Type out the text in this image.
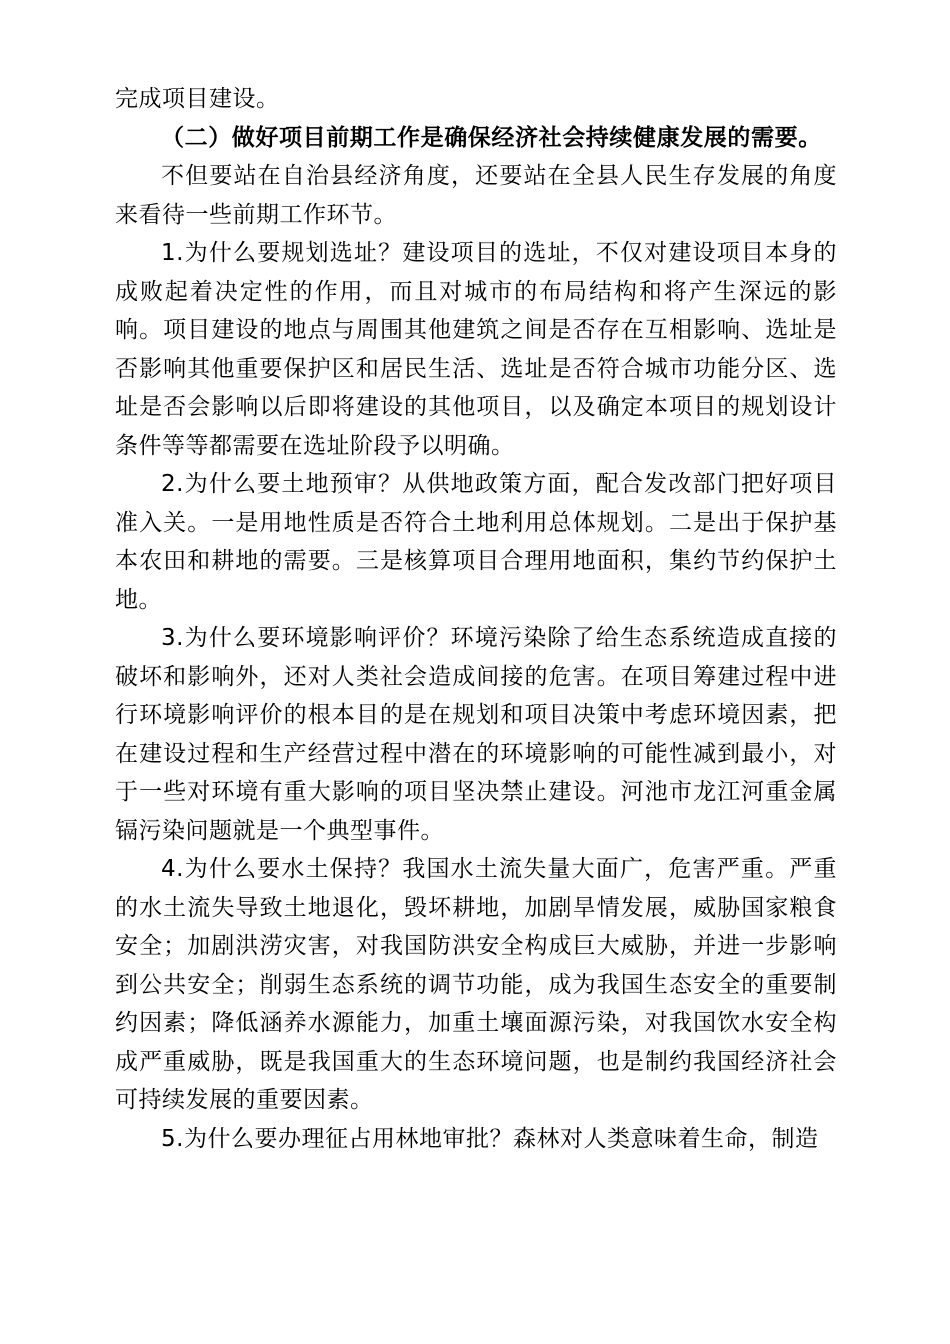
完成项目建设。

（二）做好项目前期工作是确保经济社会持续健康发展的需要。

不但要站在自治县经济角度，还要站在全县人民生存发展的角度来看待一些前期工作环节。

1.为什么要规划选址？建设项目的选址，不仅对建设项目本身的成败起着决定性的作用，而且对城市的布局结构和将产生深远的影响。项目建设的地点与周围其他建筑之间是否存在互相影响、选址是否影响其他重要保护区和居民生活、选址是否符合城市功能分区、选址是否会影响以后即将建设的其他项目，以及确定本项目的规划设计条件等等都需要在选址阶段予以明确。

2.为什么要土地预审？从供地政策方面，配合发改部门把好项目准入关。一是用地性质是否符合土地利用总体规划。二是出于保护基本农田和耕地的需要。三是核算项目合理用地面积，集约节约保护土地。

3.为什么要环境影响评价？环境污染除了给生态系统造成直接的破坏和影响外，还对人类社会造成间接的危害。在项目筹建过程中进行环境影响评价的根本目的是在规划和项目决策中考虑环境因素，把在建设过程和生产经营过程中潜在的环境影响的可能性减到最小，对于一些对环境有重大影响的项目坚决禁止建设。河池市龙江河重金属镉污染问题就是一个典型事件。

4.为什么要水土保持？我国水土流失量大面广，危害严重。严重的水土流失导致土地退化，毁坏耕地，加剧旱情发展，威胁国家粮食安全；加剧洪涝灾害，对我国防洪安全构成巨大威胁，并进一步影响到公共安全；削弱生态系统的调节功能，成为我国生态安全的重要制约因素；降低涵养水源能力，加重土壤面源污染，对我国饮水安全构成严重威胁，既是我国重大的生态环境问题，也是制约我国经济社会可持续发展的重要因素。

5.为什么要办理征占用林地审批？森林对人类意味着生命，制造
